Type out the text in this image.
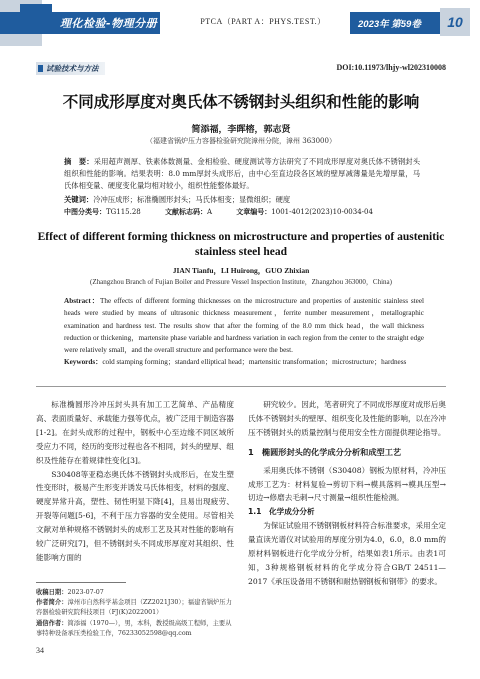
理化检验-物理分册	PTCA（PART A：PHYS.TEST.）	2023年 第59卷	10
试验技术与方法	DOI:10.11973/lhjy-wl202310008
不同成形厚度对奥氏体不锈钢封头组织和性能的影响
简添福，李晖榕，郭志贤
（福建省锅炉压力容器检验研究院漳州分院，漳州 363000）
摘　要：采用超声测厚、铁素体数测量、金相检验、硬度测试等方法研究了不同成形厚度对奥氏体不锈钢封头组织和性能的影响。结果表明：8.0 mm厚封头成形后，由中心至直边段各区域的壁厚减薄量是先增厚量，马氏体相变量、硬度变化量均相对较小，组织性能整体最好。
关键词：冷冲压成形；标准椭圆形封头；马氏体相变；显微组织；硬度
中图分类号：TG115.28	文献标志码：A	文章编号：1001-4012(2023)10-0034-04
Effect of different forming thickness on microstructure and properties of austenitic stainless steel head
JIAN Tianfu，LI Huirong，GUO Zhixian
(Zhangzhou Branch of Fujian Boiler and Pressure Vessel Inspection Institute，Zhangzhou 363000，China)
Abstract：The effects of different forming thicknesses on the microstructure and properties of austenitic stainless steel heads were studied by means of ultrasonic thickness measurement，ferrite number measurement，metallographic examination and hardness test. The results show that after the forming of the 8.0 mm thick head，the wall thickness reduction or thickening，martensite phase variable and hardness variation in each region from the center to the straight edge were relatively small，and the overall structure and performance were the best.
Keywords：cold stamping forming；standard elliptical head；martensitic transformation；microstructure；hardness

标准椭圆形冷冲压封头具有加工工艺简单、产品精度高、表面质量好、承载能力强等优点，被广泛用于制造容器[1-2]。在封头成形的过程中，钢板中心至边缘不同区域所受应力不同，经历的变形过程也各不相同，封头的壁厚、组织及性能存在着规律性变化[3]。

S30408等亚稳态奥氏体不锈钢封头成形后，在发生塑性变形时，极易产生形变并诱发马氏体相变，材料的强度、硬度异常升高，塑性、韧性明显下降[4]，且易出现疲劳、开裂等问题[5-6]，不利于压力容器的安全使用。尽管相关文献对单种规格不锈钢封头的成形工艺及其对性能的影响有较广泛研究[7]，但不锈钢封头不同成形厚度对其组织、性能影响方面的

研究较少。因此，笔者研究了不同成形厚度对成形后奥氏体不锈钢封头的壁厚、组织变化及性能的影响，以在冷冲压不锈钢封头的质量控制与使用安全性方面提供理论指导。

1　椭圆形封头的化学成分分析和成型工艺

采用奥氏体不锈钢（S30408）钢板为原材料，冷冲压成形工艺为：材料复验→剪切下料→模具落料→模具压型→切边→修磨去毛刺→尺寸测量→组织性能检测。

1.1　化学成分分析

为保证试验用不锈钢钢板材料符合标准要求，采用全定量直读光谱仪对试验用的厚度分别为4.0，6.0，8.0 mm的原材料钢板进行化学成分分析，结果如表1所示。由表1可知，3种规格钢板材料的化学成分符合GB/T 24511—2017《承压设备用不锈钢和耐热钢钢板和钢带》的要求。

收稿日期：2023-07-07
作者简介：漳州市自然科学基金项目（ZZ2021J30）；福建省锅炉压力容器检验研究院科技项目（FJ(K)2022001）
通信作者：简添福（1970—），男，本科，教授级高级工程师，主要从事特种设备承压类检验工作，76233052598@qq.com
34
